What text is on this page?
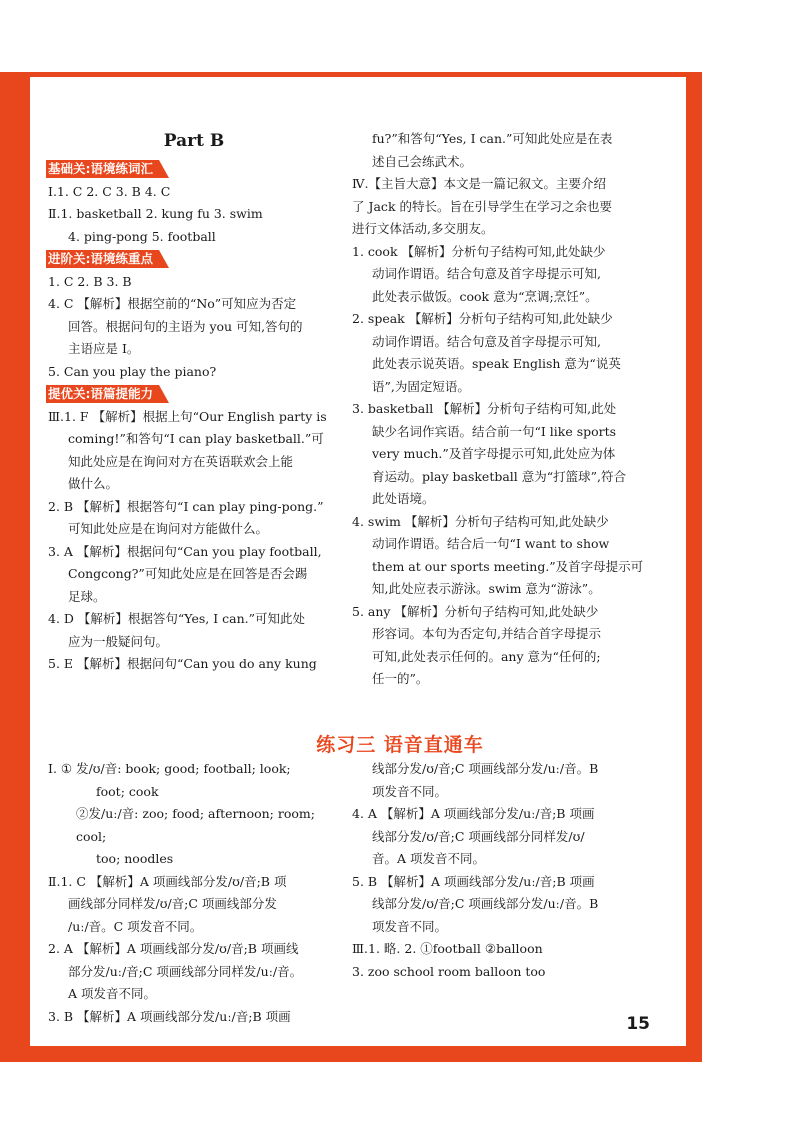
Part B
基础关:语境练词汇
Ⅰ.1. C 2. C 3. B 4. C
Ⅱ.1. basketball 2. kung fu 3. swim
4. ping-pong 5. football
进阶关:语境练重点
1. C 2. B 3. B
4. C 【解析】根据空前的“No”可知应为否定
回答。根据问句的主语为 you 可知,答句的
主语应是 I。
5. Can you play the piano?
提优关:语篇提能力
Ⅲ.1. F 【解析】根据上句“Our English party is
coming!”和答句“I can play basketball.”可
知此处应是在询问对方在英语联欢会上能
做什么。
2. B 【解析】根据答句“I can play ping-pong.”
可知此处应是在询问对方能做什么。
3. A 【解析】根据问句“Can you play football,
Congcong?”可知此处应是在回答是否会踢
足球。
4. D 【解析】根据答句“Yes, I can.”可知此处
应为一般疑问句。
5. E 【解析】根据问句“Can you do any kung
fu?”和答句“Yes, I can.”可知此处应是在表
述自己会练武术。
Ⅳ.【主旨大意】本文是一篇记叙文。主要介绍
了 Jack 的特长。旨在引导学生在学习之余也要
进行文体活动,多交朋友。
1. cook 【解析】分析句子结构可知,此处缺少
动词作谓语。结合句意及首字母提示可知,
此处表示做饭。cook 意为“烹调;烹饪”。
2. speak 【解析】分析句子结构可知,此处缺少
动词作谓语。结合句意及首字母提示可知,
此处表示说英语。speak English 意为“说英
语”,为固定短语。
3. basketball 【解析】分析句子结构可知,此处
缺少名词作宾语。结合前一句“I like sports
very much.”及首字母提示可知,此处应为体
育运动。play basketball 意为“打篮球”,符合
此处语境。
4. swim 【解析】分析句子结构可知,此处缺少
动词作谓语。结合后一句“I want to show
them at our sports meeting.”及首字母提示可
知,此处应表示游泳。swim 意为“游泳”。
5. any 【解析】分析句子结构可知,此处缺少
形容词。本句为否定句,并结合首字母提示
可知,此处表示任何的。any 意为“任何的;
任一的”。
练习三 语音直通车
Ⅰ. ① 发/ʊ/音: book; good; football; look;
foot; cook
②发/uː/音: zoo; food; afternoon; room; cool;
too; noodles
Ⅱ.1. C 【解析】A 项画线部分发/ʊ/音;B 项
画线部分同样发/ʊ/音;C 项画线部分发
/uː/音。C 项发音不同。
2. A 【解析】A 项画线部分发/ʊ/音;B 项画线
部分发/uː/音;C 项画线部分同样发/uː/音。
A 项发音不同。
3. B 【解析】A 项画线部分发/uː/音;B 项画
线部分发/ʊ/音;C 项画线部分发/uː/音。B
项发音不同。
4. A 【解析】A 项画线部分发/uː/音;B 项画
线部分发/ʊ/音;C 项画线部分同样发/ʊ/
音。A 项发音不同。
5. B 【解析】A 项画线部分发/uː/音;B 项画
线部分发/ʊ/音;C 项画线部分发/uː/音。B
项发音不同。
Ⅲ.1. 略. 2. ①football ②balloon
3. zoo school room balloon too
15
